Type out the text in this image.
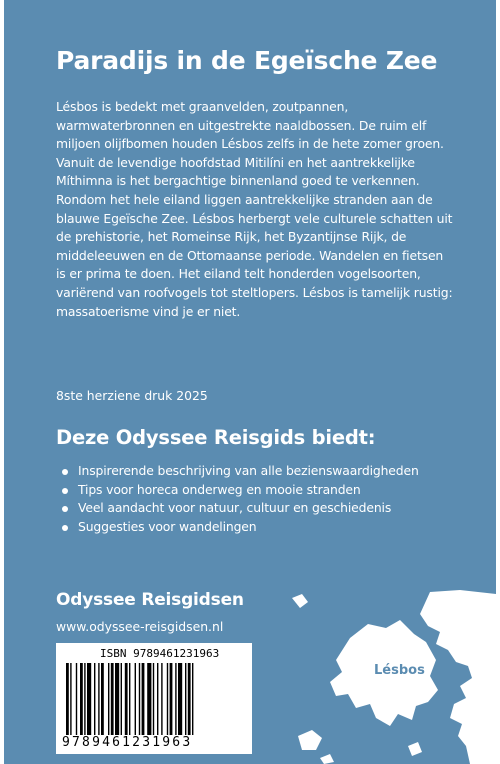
Paradijs in de Egeïsche Zee

Lésbos is bedekt met graanvelden, zoutpannen, warmwaterbronnen en uitgestrekte naaldbossen. De ruim elf miljoen olijfbomen houden Lésbos zelfs in de hete zomer groen. Vanuit de levendige hoofdstad Mitilíni en het aantrekkelijke Míthimna is het bergachtige binnenland goed te verkennen. Rondom het hele eiland liggen aantrekkelijke stranden aan de blauwe Egeïsche Zee. Lésbos herbergt vele culturele schatten uit de prehistorie, het Romeinse Rijk, het Byzantijnse Rijk, de middeleeuwen en de Ottomaanse periode. Wandelen en fietsen is er prima te doen. Het eiland telt honderden vogelsoorten, variërend van roofvogels tot steltlopers. Lésbos is tamelijk rustig: massatoerisme vind je er niet.

8ste herziene druk 2025

Deze Odyssee Reisgids biedt:
Inspirerende beschrijving van alle bezienswaardigheden
Tips voor horeca onderweg en mooie stranden
Veel aandacht voor natuur, cultuur en geschiedenis
Suggesties voor wandelingen

Odyssee Reisgidsen

www.odyssee-reisgidsen.nl

ISBN 9789461231963
9789461231963
Lésbos
